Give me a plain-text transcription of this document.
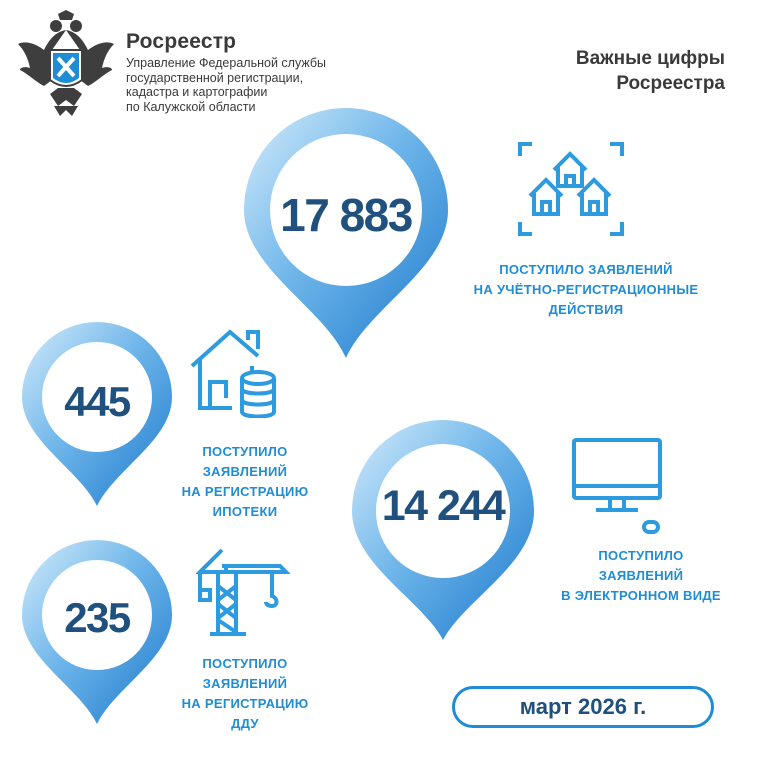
Росреестр
Управление Федеральной службы
государственной регистрации,
кадастра и картографии
по Калужской области
Важные цифры
Росреестра
17 883
ПОСТУПИЛО ЗАЯВЛЕНИЙ
НА УЧЁТНО-РЕГИСТРАЦИОННЫЕ
ДЕЙСТВИЯ
445
ПОСТУПИЛО
ЗАЯВЛЕНИЙ
НА РЕГИСТРАЦИЮ
ИПОТЕКИ	14 244
ПОСТУПИЛО
ЗАЯВЛЕНИЙ
В ЭЛЕКТРОННОМ ВИДЕ
235
ПОСТУПИЛО
ЗАЯВЛЕНИЙ
НА РЕГИСТРАЦИЮ
ДДУ
март 2026 г.
